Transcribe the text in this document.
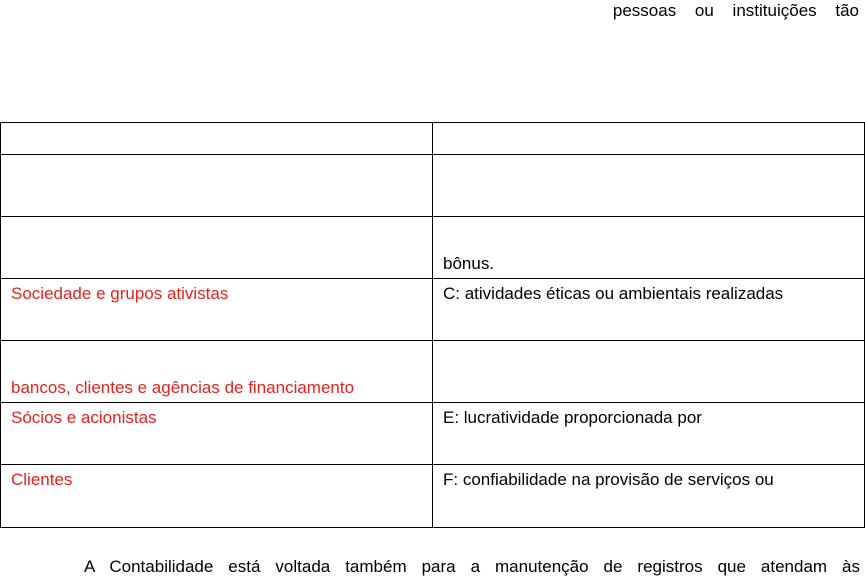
pessoas ou instituições tão

	bônus.

Sociedade e grupos ativistas	C: atividades éticas ou ambientais realizadas

bancos, clientes e agências de financiamento	

Sócios e acionistas	E: lucratividade proporcionada por

Clientes	F: confiabilidade na provisão de serviços ou
A Contabilidade está voltada também para a manutenção de registros que atendam às
